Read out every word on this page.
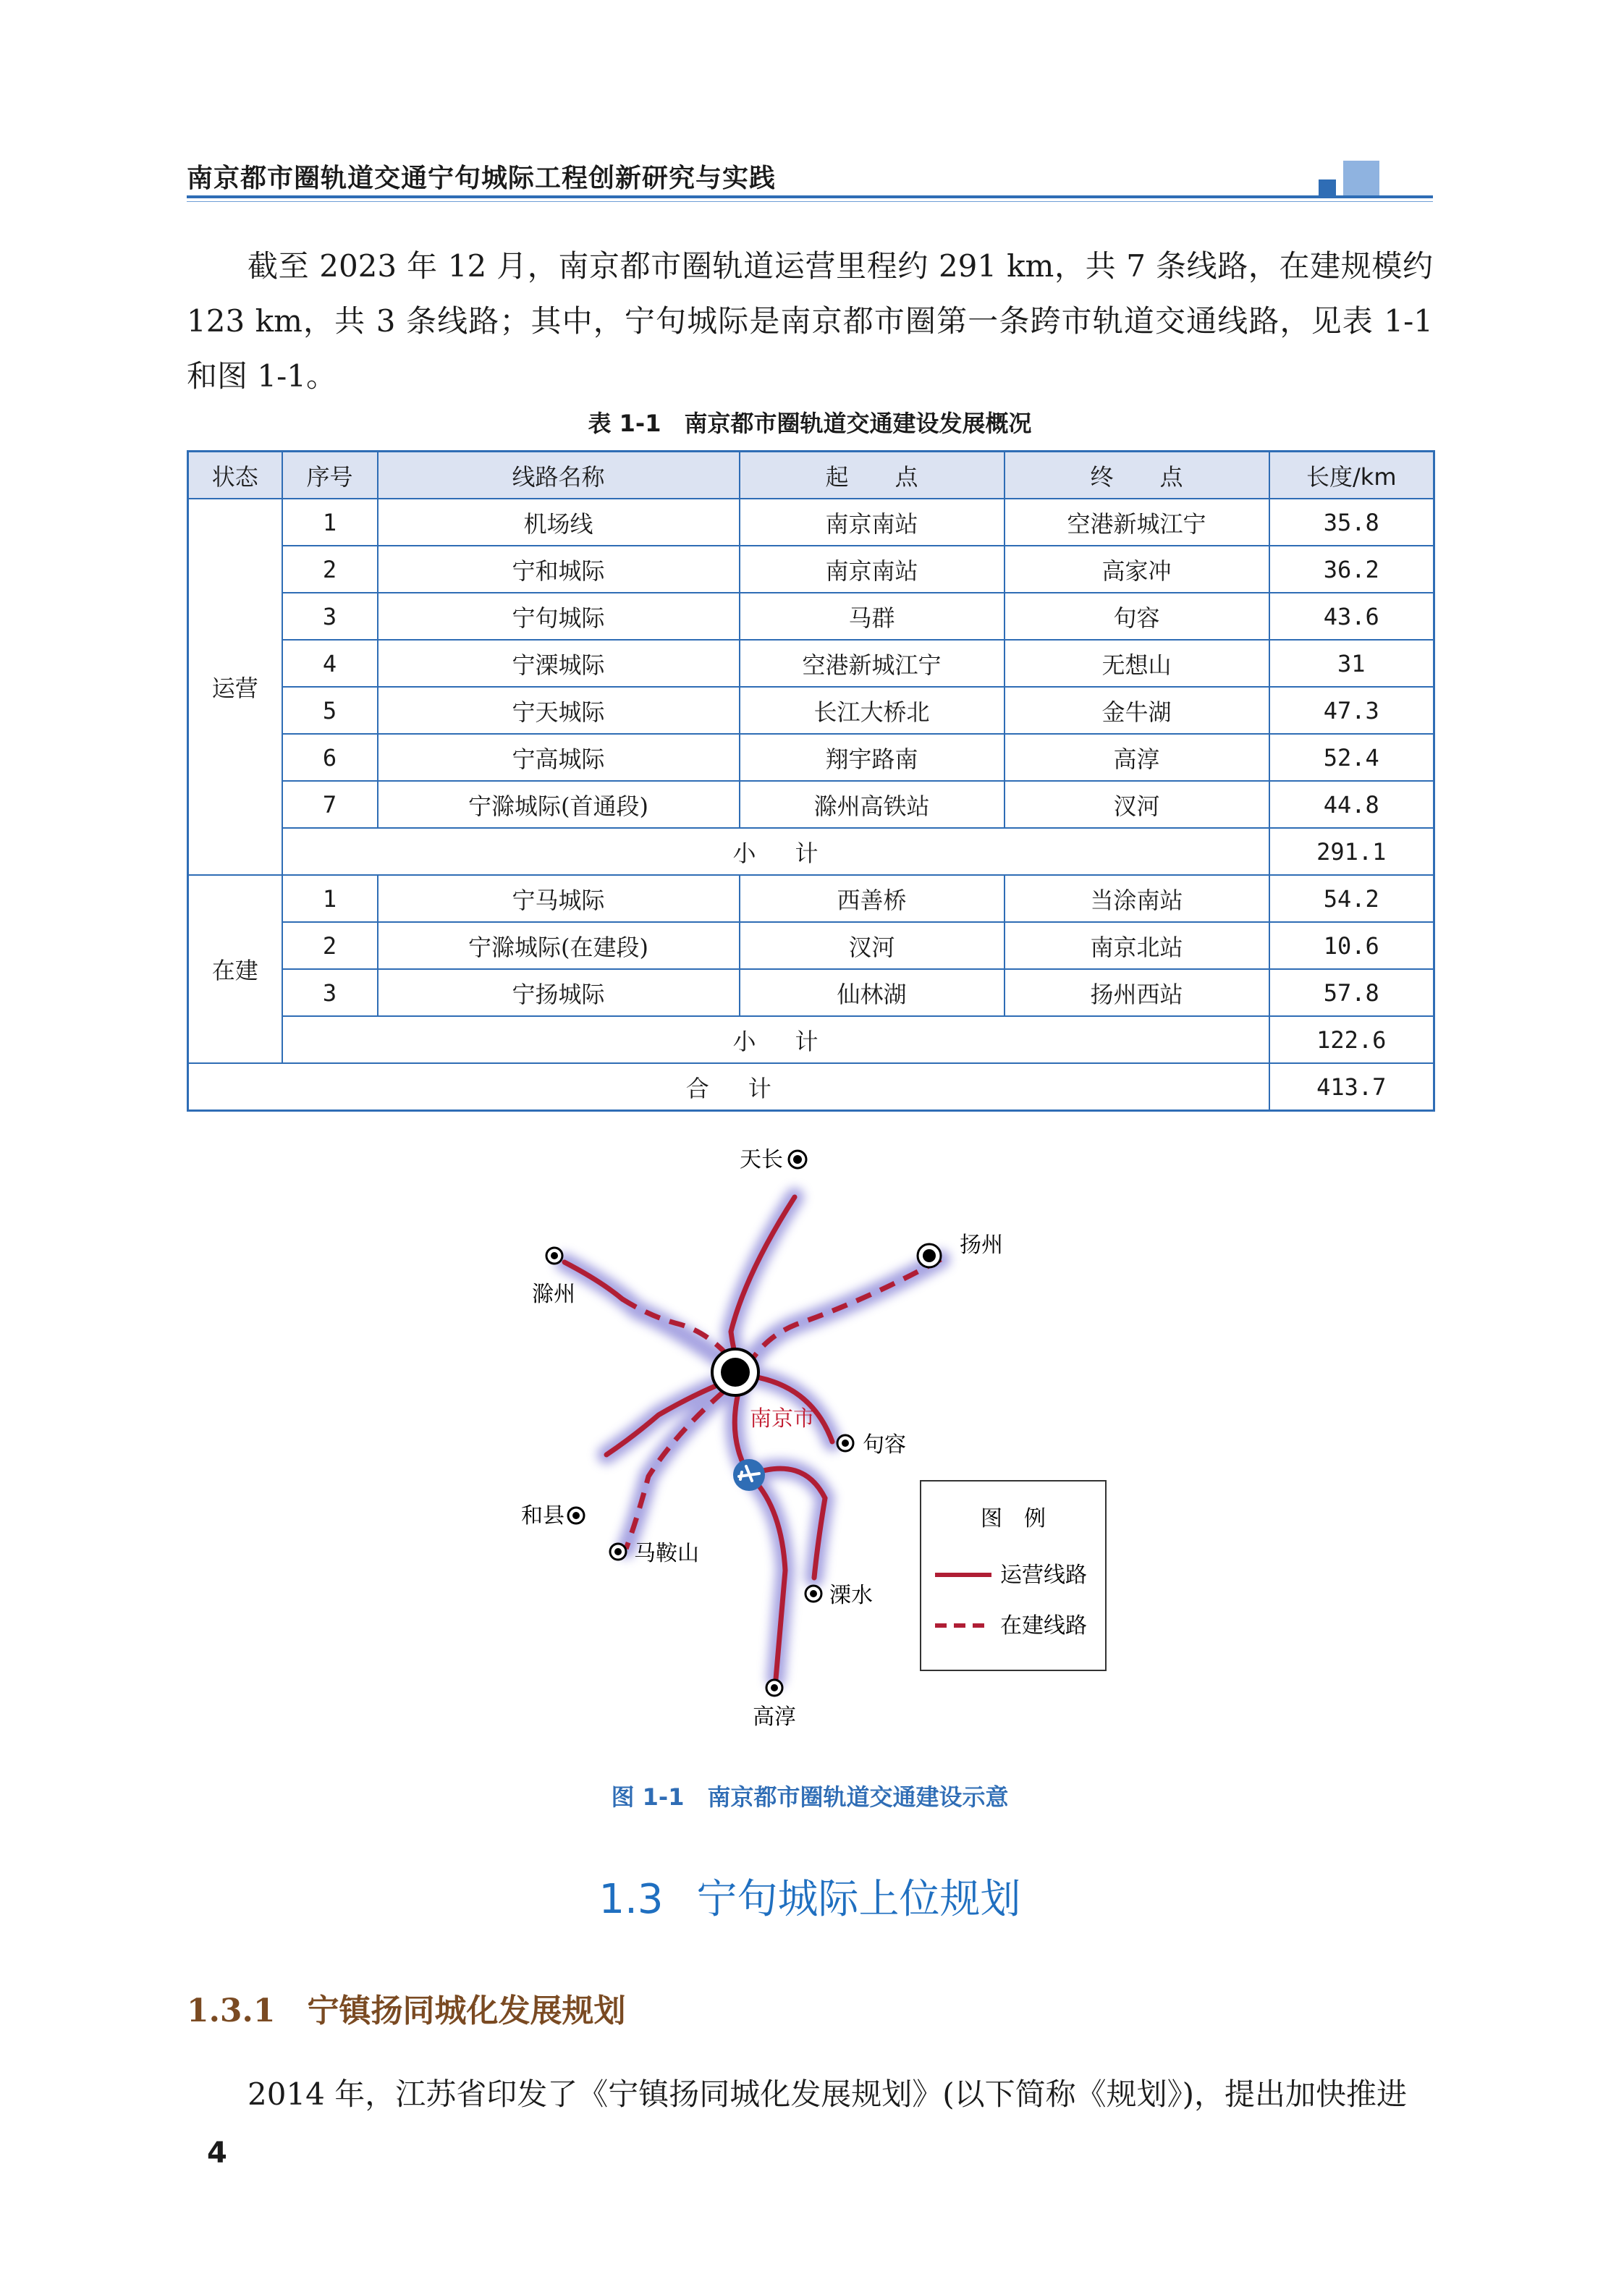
南京都市圈轨道交通宁句城际工程创新研究与实践
截至 2023 年 12 月，南京都市圈轨道运营里程约 291 km，共 7 条线路，在建规模约 123 km，共 3 条线路；其中，宁句城际是南京都市圈第一条跨市轨道交通线路，见表 1-1 和图 1-1。
表 1-1　南京都市圈轨道交通建设发展概况
状态	序号	线路名称	起　　点	终　　点	长度/km
运营	1	机场线	南京南站	空港新城江宁	35.8
	2	宁和城际	南京南站	高家冲	36.2
	3	宁句城际	马群	句容	43.6
	4	宁溧城际	空港新城江宁	无想山	31
	5	宁天城际	长江大桥北	金牛湖	47.3
	6	宁高城际	翔宇路南	高淳	52.4
	7	宁滁城际(首通段)	滁州高铁站	汊河	44.8
	小计				291.1
在建	1	宁马城际	西善桥	当涂南站	54.2
	2	宁滁城际(在建段)	汊河	南京北站	10.6
	3	宁扬城际	仙林湖	扬州西站	57.8
	小计				122.6
合计					413.7
天长
滁州
扬州
南京市
句容
和县
马鞍山
溧水
高淳
图　例
运营线路
在建线路
图 1-1　南京都市圈轨道交通建设示意
1.3 宁句城际上位规划
1.3.1 宁镇扬同城化发展规划
2014 年，江苏省印发了《宁镇扬同城化发展规划》(以下简称《规划》)，提出加快推进
4
